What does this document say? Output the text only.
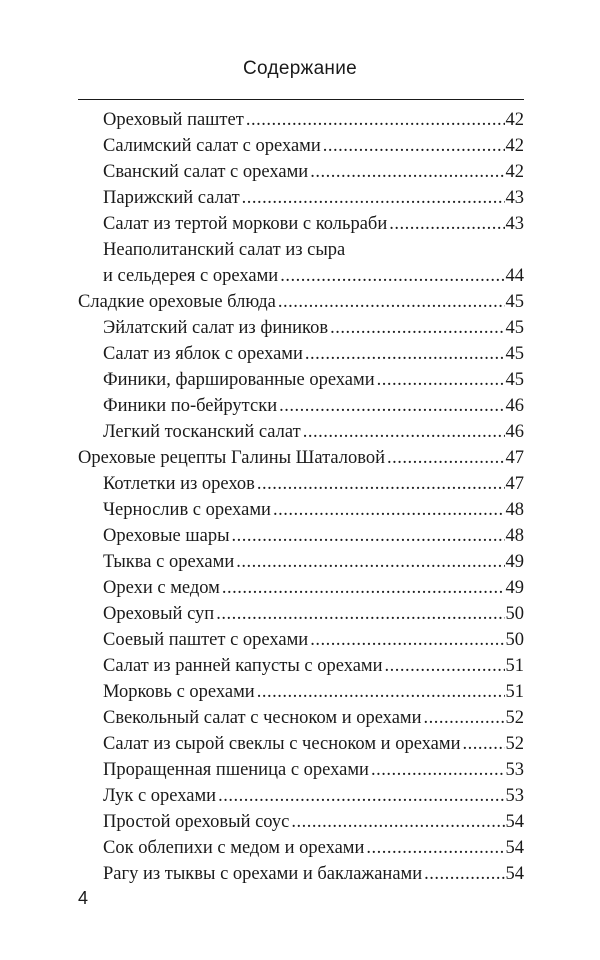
Содержание
Ореховый паштет .....	42
Салимский салат с орехами .....	42
Сванский салат с орехами .....	42
Парижский салат .....	43
Салат из тертой моркови с кольраби .....	43
Неаполитанский салат из сыра
и сельдерея с орехами .....	44
Сладкие ореховые блюда .....	45
Эйлатский салат из фиников .....	45
Салат из яблок с орехами .....	45
Финики, фаршированные орехами .....	45
Финики по-бейрутски .....	46
Легкий тосканский салат .....	46
Ореховые рецепты Галины Шаталовой .....	47
Котлетки из орехов .....	47
Чернослив с орехами .....	48
Ореховые шары .....	48
Тыква с орехами .....	49
Орехи с медом .....	49
Ореховый суп .....	50
Соевый паштет с орехами .....	50
Салат из ранней капусты с орехами .....	51
Морковь с орехами .....	51
Свекольный салат с чесноком и орехами .....	52
Салат из сырой свеклы с чесноком и орехами ..... 52
Проращенная пшеница с орехами .....	53
Лук с орехами .....	53
Простой ореховый соус .....	54
Сок облепихи с медом и орехами .....	54
Рагу из тыквы с орехами и баклажанами .....	54
4
